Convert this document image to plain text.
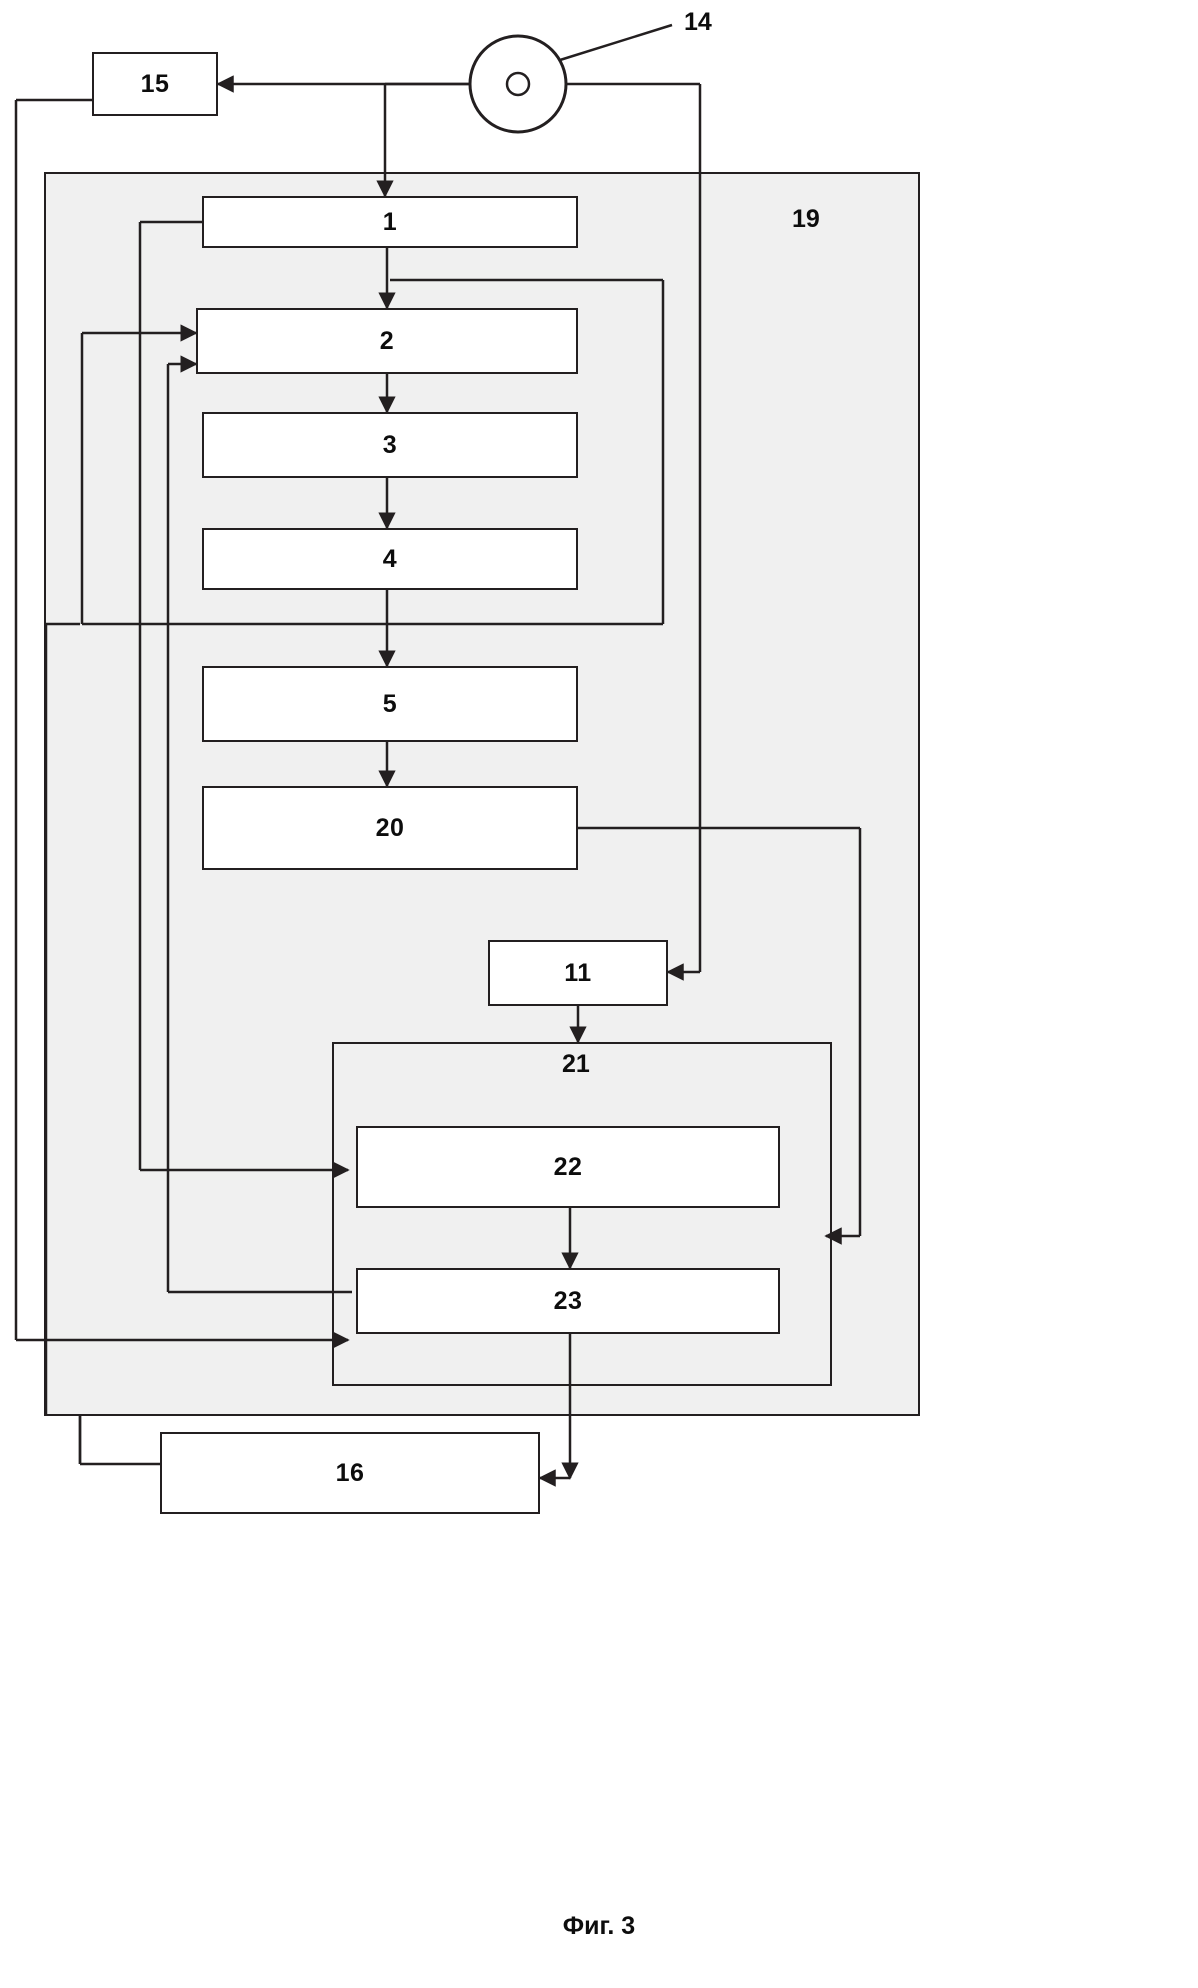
15
1
2
3
4
5
20
11
22
23
16
14
19
21
Фиг. 3
